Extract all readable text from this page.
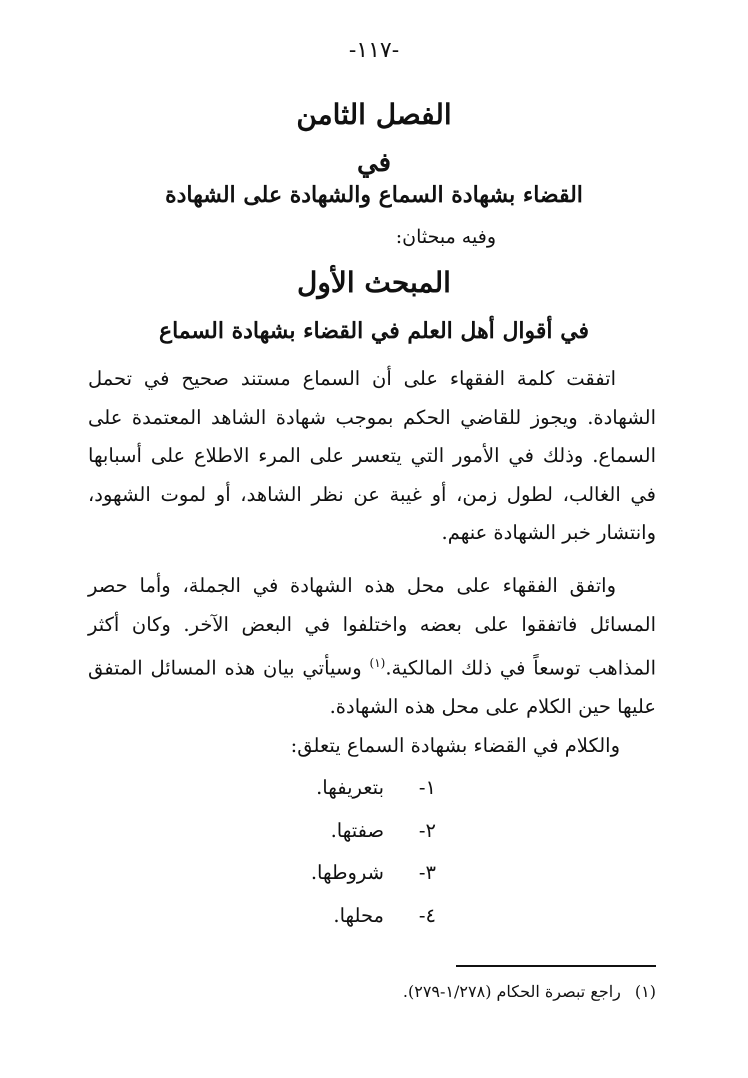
-١١٧-
الفصل الثامن
في
القضاء بشهادة السماع والشهادة على الشهادة
وفيه مبحثان:
المبحث الأول
في أقوال أهل العلم في القضاء بشهادة السماع

اتفقت كلمة الفقهاء على أن السماع مستند صحيح في تحمل الشهادة. ويجوز للقاضي الحكم بموجب شهادة الشاهد المعتمدة على السماع. وذلك في الأمور التي يتعسر على المرء الاطلاع على أسبابها في الغالب، لطول زمن، أو غيبة عن نظر الشاهد، أو لموت الشهود، وانتشار خبر الشهادة عنهم.

واتفق الفقهاء على محل هذه الشهادة في الجملة، وأما حصر المسائل فاتفقوا على بعضه واختلفوا في البعض الآخر. وكان أكثر المذاهب توسعاً في ذلك المالكية.$^{(١)}$ وسيأتي بيان هذه المسائل المتفق عليها حين الكلام على محل هذه الشهادة.

والكلام في القضاء بشهادة السماع يتعلق:
١-بتعريفها.
٢-صفتها.
٣-شروطها.
٤-محلها.
(١)راجع تبصرة الحكام (١/٢٧٨-٢٧٩).
